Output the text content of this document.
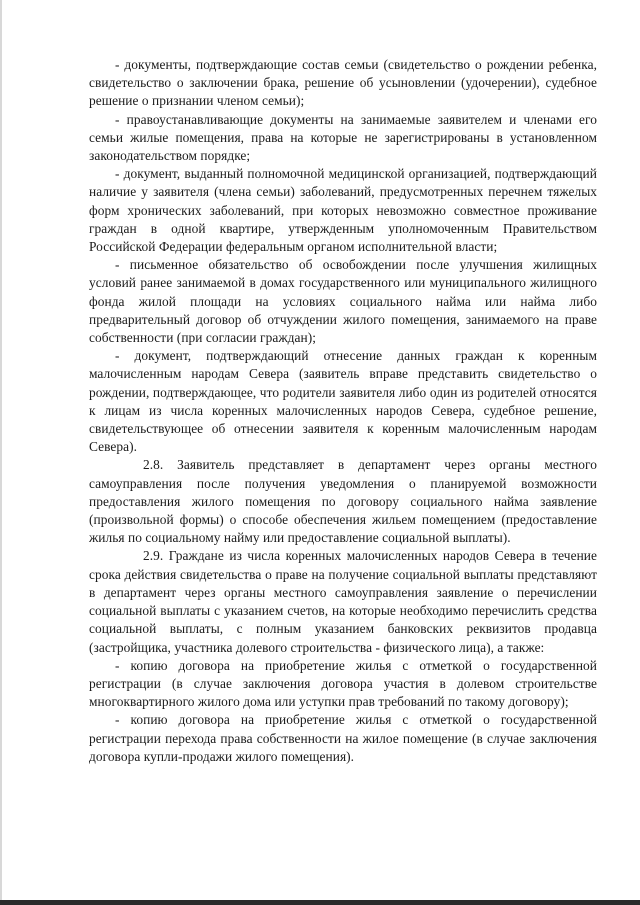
- документы, подтверждающие состав семьи (свидетельство о рождении ребенка, свидетельство о заключении брака, решение об усыновлении (удочерении), судебное решение о признании членом семьи);

- правоустанавливающие документы на занимаемые заявителем и членами его семьи жилые помещения, права на которые не зарегистрированы в установленном законодательством порядке;

- документ, выданный полномочной медицинской организацией, подтверждающий наличие у заявителя (члена семьи) заболеваний, предусмотренных перечнем тяжелых форм хронических заболеваний, при которых невозможно совместное проживание граждан в одной квартире, утвержденным уполномоченным Правительством Российской Федерации федеральным органом исполнительной власти;

- письменное обязательство об освобождении после улучшения жилищных условий ранее занимаемой в домах государственного или муниципального жилищного фонда жилой площади на условиях социального найма или найма либо предварительный договор об отчуждении жилого помещения, занимаемого на праве собственности (при согласии граждан);

- документ, подтверждающий отнесение данных граждан к коренным малочисленным народам Севера (заявитель вправе представить свидетельство о рождении, подтверждающее, что родители заявителя либо один из родителей относятся к лицам из числа коренных малочисленных народов Севера, судебное решение, свидетельствующее об отнесении заявителя к коренным малочисленным народам Севера).

2.8. Заявитель представляет в департамент через органы местного самоуправления после получения уведомления о планируемой возможности предоставления жилого помещения по договору социального найма заявление (произвольной формы) о способе обеспечения жильем помещением (предоставление жилья по социальному найму или предоставление социальной выплаты).

2.9. Граждане из числа коренных малочисленных народов Севера в течение срока действия свидетельства о праве на получение социальной выплаты представляют в департамент через органы местного самоуправления заявление о перечислении социальной выплаты с указанием счетов, на которые необходимо перечислить средства социальной выплаты, с полным указанием банковских реквизитов продавца (застройщика, участника долевого строительства - физического лица), а также:

- копию договора на приобретение жилья с отметкой о государственной регистрации (в случае заключения договора участия в долевом строительстве многоквартирного жилого дома или уступки прав требований по такому договору);

- копию договора на приобретение жилья с отметкой о государственной регистрации перехода права собственности на жилое помещение (в случае заключения договора купли-продажи жилого помещения).
